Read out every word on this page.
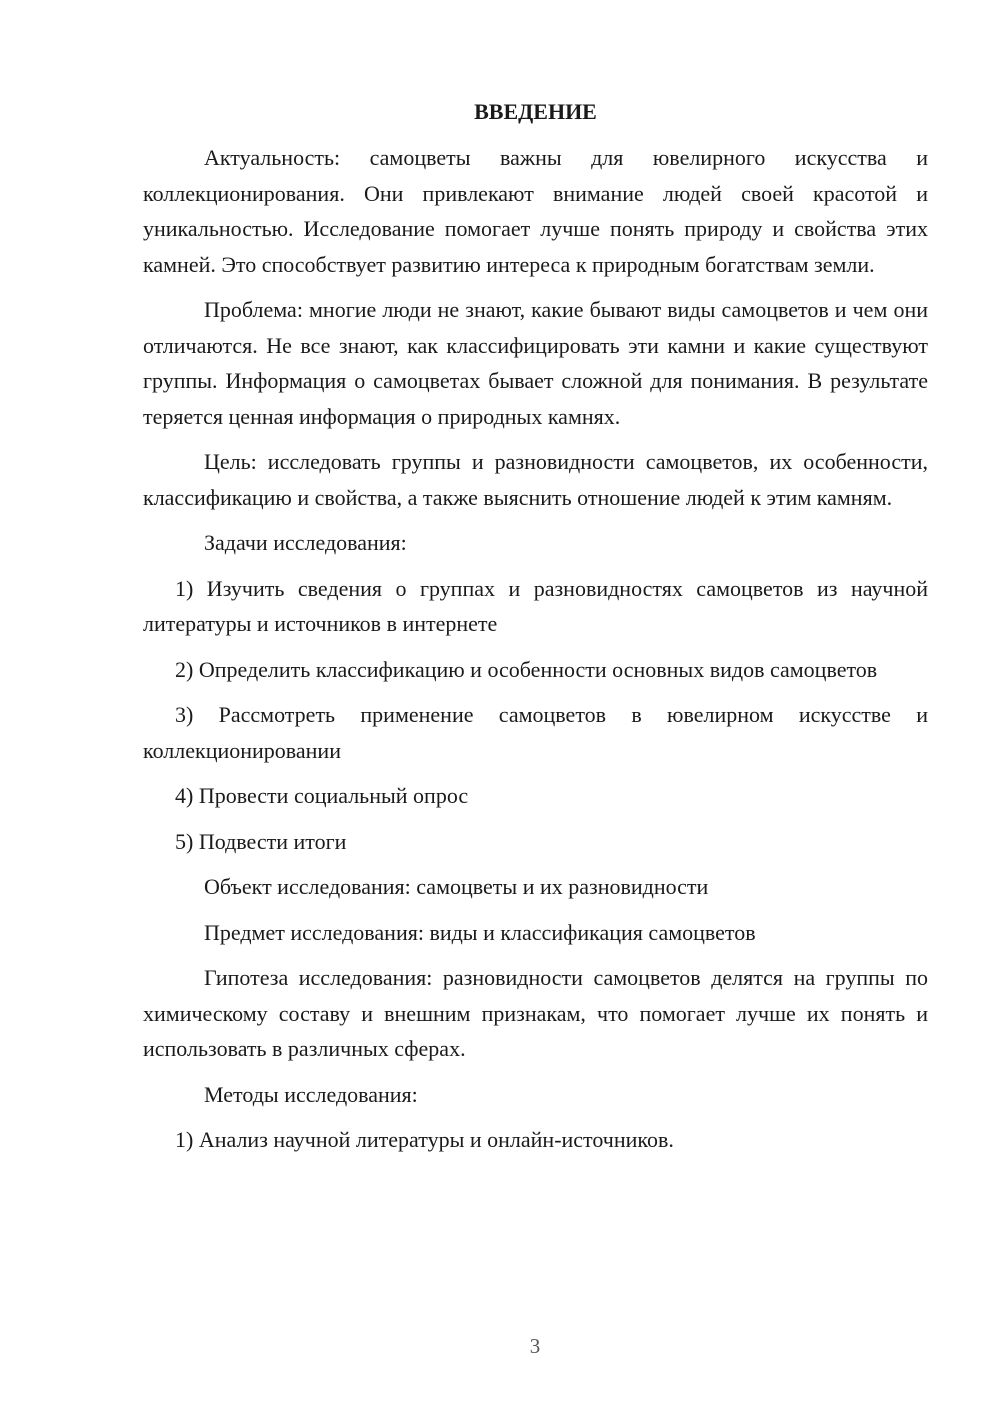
ВВЕДЕНИЕ

Актуальность: самоцветы важны для ювелирного искусства и коллекционирования. Они привлекают внимание людей своей красотой и уникальностью. Исследование помогает лучше понять природу и свойства этих камней. Это способствует развитию интереса к природным богатствам земли.

Проблема: многие люди не знают, какие бывают виды самоцветов и чем они отличаются. Не все знают, как классифицировать эти камни и какие существуют группы. Информация о самоцветах бывает сложной для понимания. В результате теряется ценная информация о природных камнях.

Цель: исследовать группы и разновидности самоцветов, их особенности, классификацию и свойства, а также выяснить отношение людей к этим камням.

Задачи исследования:

1) Изучить сведения о группах и разновидностях самоцветов из научной литературы и источников в интернете

2) Определить классификацию и особенности основных видов самоцветов

3) Рассмотреть применение самоцветов в ювелирном искусстве и коллекционировании

4) Провести социальный опрос

5) Подвести итоги

Объект исследования: самоцветы и их разновидности

Предмет исследования: виды и классификация самоцветов

Гипотеза исследования: разновидности самоцветов делятся на группы по химическому составу и внешним признакам, что помогает лучше их понять и использовать в различных сферах.

Методы исследования:

1) Анализ научной литературы и онлайн-источников.

3
